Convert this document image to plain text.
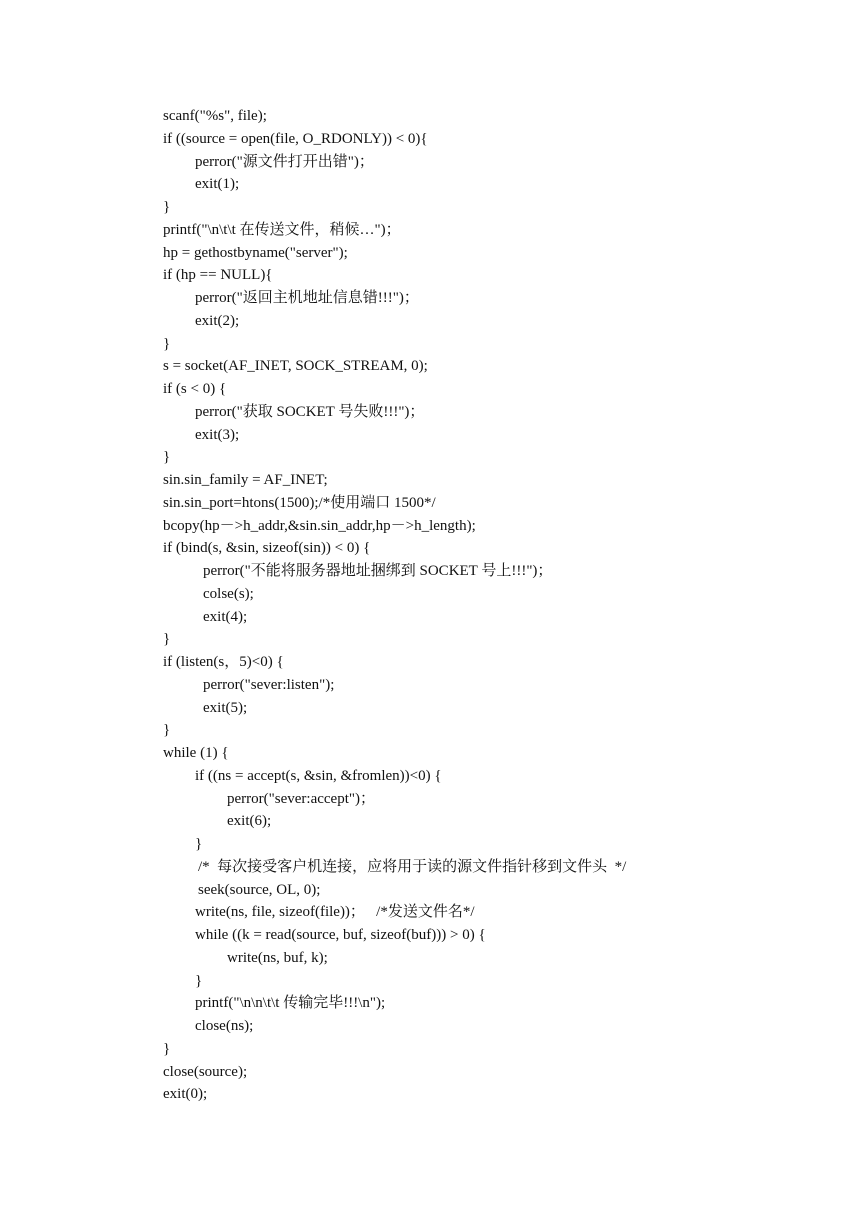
scanf("%s", file);
if ((source = open(file, O_RDONLY)) < 0){
perror("源文件打开出错")；
exit(1);
}
printf("\n\t\t 在传送文件，稍候…")；
hp = gethostbyname("server");
if (hp == NULL){
perror("返回主机地址信息错!!!")；
exit(2);
}
s = socket(AF_INET, SOCK_STREAM, 0);
if (s < 0) {
perror("获取 SOCKET 号失败!!!")；
exit(3);
}
sin.sin_family = AF_INET;
sin.sin_port=htons(1500);/*使用端口 1500*/
bcopy(hp－>h_addr,&sin.sin_addr,hp－>h_length);
if (bind(s, &sin, sizeof(sin)) < 0) {
perror("不能将服务器地址捆绑到 SOCKET 号上!!!")；
colse(s);
exit(4);
}
if (listen(s，5)<0) {
perror("sever:listen");
exit(5);
}
while (1) {
if ((ns = accept(s, &sin, &fromlen))<0) {
perror("sever:accept")；
exit(6);
}
/*  每次接受客户机连接，应将用于读的源文件指针移到文件头  */
seek(source, OL, 0);
write(ns, file, sizeof(file))；   /*发送文件名*/
while ((k = read(source, buf, sizeof(buf))) > 0) {
write(ns, buf, k);
}
printf("\n\n\t\t 传输完毕!!!\n");
close(ns);
}
close(source);
exit(0);
